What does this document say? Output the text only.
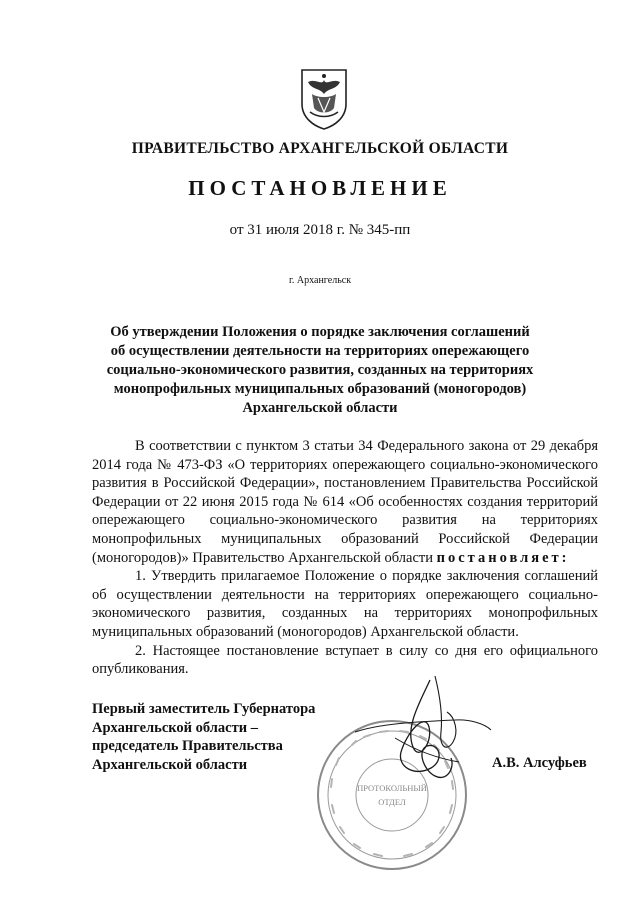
ПРАВИТЕЛЬСТВО АРХАНГЕЛЬСКОЙ ОБЛАСТИ
ПОСТАНОВЛЕНИЕ
от 31 июля 2018 г. № 345-пп
г. Архангельск
Об утверждении Положения о порядке заключения соглашений
об осуществлении деятельности на территориях опережающего
социально-экономического развития, созданных на территориях
монопрофильных муниципальных образований (моногородов)
Архангельской области

В соответствии с пунктом 3 статьи 34 Федерального закона от 29 декабря 2014 года № 473-ФЗ «О территориях опережающего социально-экономического развития в Российской Федерации», постановлением Правительства Российской Федерации от 22 июня 2015 года № 614 «Об особенностях создания территорий опережающего социально-экономического развития на территориях монопрофильных муниципальных образований Российской Федерации (моногородов)» Правительство Архангельской области постановляет:

1. Утвердить прилагаемое Положение о порядке заключения соглашений об осуществлении деятельности на территориях опережающего социально-экономического развития, созданных на территориях монопрофильных муниципальных образований (моногородов) Архангельской области.

2. Настоящее постановление вступает в силу со дня его официального опубликования.

ПРОТОКОЛЬНЫЙ
ОТДЕЛ
Первый заместитель Губернатора
Архангельской области –
председатель Правительства
Архангельской области	А.В. Алсуфьев
